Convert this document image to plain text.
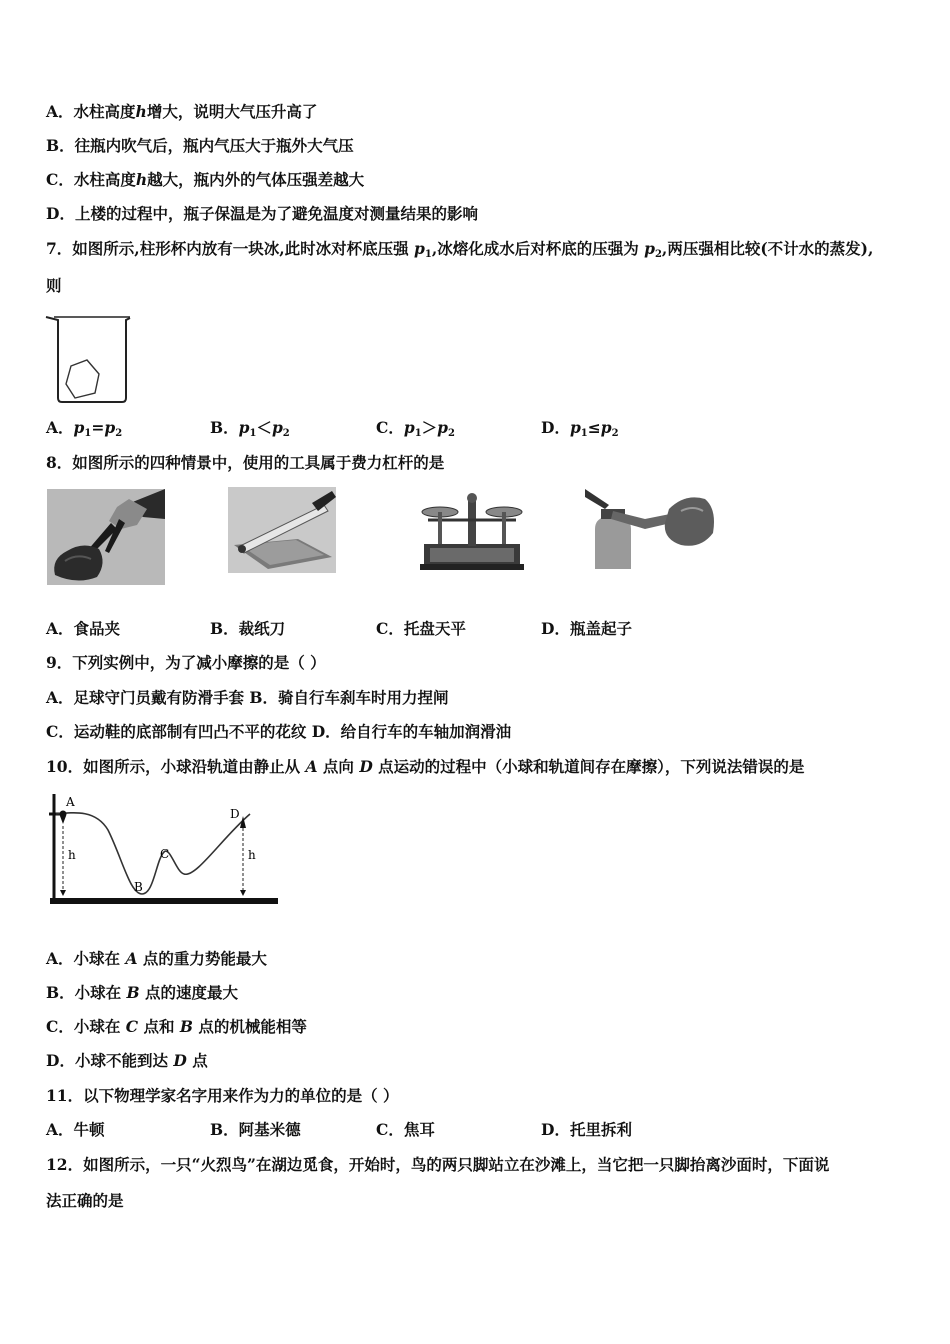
A．水柱高度h增大，说明大气压升高了
B．往瓶内吹气后，瓶内气压大于瓶外大气压
C．水柱高度h越大，瓶内外的气体压强差越大
D．上楼的过程中，瓶子保温是为了避免温度对测量结果的影响
7．如图所示,柱形杯内放有一块冰,此时冰对杯底压强 $p_1$,冰熔化成水后对杯底的压强为 $p_2$,两压强相比较(不计水的蒸发),
则
A．$p_1=p_2$	B．$p_1<p_2$	C．$p_1>p_2$	D．$p_1\le p_2$
8．如图所示的四种情景中，使用的工具属于费力杠杆的是
A．食品夹	B．裁纸刀	C．托盘天平	D．瓶盖起子
9．下列实例中，为了减小摩擦的是（ ）
A．足球守门员戴有防滑手套 B．骑自行车刹车时用力捏闸
C．运动鞋的底部制有凹凸不平的花纹 D．给自行车的车轴加润滑油
10．如图所示，小球沿轨道由静止从 A 点向 D 点运动的过程中（小球和轨道间存在摩擦），下列说法错误的是
A
B
C
D
h	h
A．小球在 A 点的重力势能最大
B．小球在 B 点的速度最大
C．小球在 C 点和 B 点的机械能相等
D．小球不能到达 D 点
11．以下物理学家名字用来作为力的单位的是（ ）
A．牛顿	B．阿基米德	C．焦耳	D．托里拆利
12．如图所示，一只“火烈鸟”在湖边觅食，开始时，鸟的两只脚站立在沙滩上，当它把一只脚抬离沙面时，下面说
法正确的是
